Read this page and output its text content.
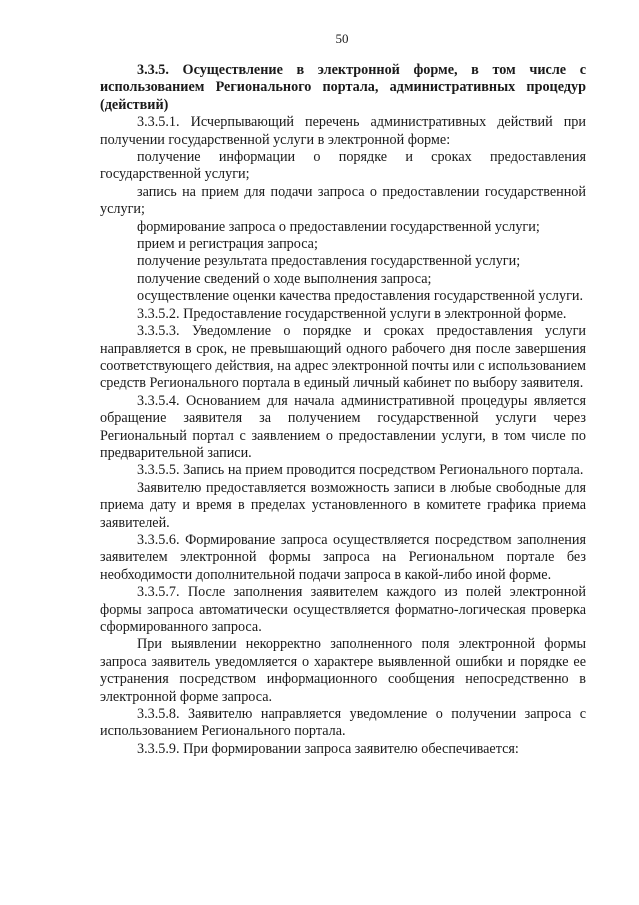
50

3.3.5. Осуществление в электронной форме, в том числе с использованием Регионального портала, административных процедур (действий)

3.3.5.1. Исчерпывающий перечень административных действий при получении государственной услуги в электронной форме:

получение информации о порядке и сроках предоставления государственной услуги;

запись на прием для подачи запроса о предоставлении государственной услуги;

формирование запроса о предоставлении государственной услуги;

прием и регистрация запроса;

получение результата предоставления государственной услуги;

получение сведений о ходе выполнения запроса;

осуществление оценки качества предоставления государственной услуги.

3.3.5.2. Предоставление государственной услуги в электронной форме.

3.3.5.3. Уведомление о порядке и сроках предоставления услуги направляется в срок, не превышающий одного рабочего дня после завершения соответствующего действия, на адрес электронной почты или с использованием средств Регионального портала в единый личный кабинет по выбору заявителя.

3.3.5.4. Основанием для начала административной процедуры является обращение заявителя за получением государственной услуги через Региональный портал с заявлением о предоставлении услуги, в том числе по предварительной записи.

3.3.5.5. Запись на прием проводится посредством Регионального портала.

Заявителю предоставляется возможность записи в любые свободные для приема дату и время в пределах установленного в комитете графика приема заявителей.

3.3.5.6. Формирование запроса осуществляется посредством заполнения заявителем электронной формы запроса на Региональном портале без необходимости дополнительной подачи запроса в какой-либо иной форме.

3.3.5.7. После заполнения заявителем каждого из полей электронной формы запроса автоматически осуществляется форматно-логическая проверка сформированного запроса.

При выявлении некорректно заполненного поля электронной формы запроса заявитель уведомляется о характере выявленной ошибки и порядке ее устранения посредством информационного сообщения непосредственно в электронной форме запроса.

3.3.5.8. Заявителю направляется уведомление о получении запроса с использованием Регионального портала.

3.3.5.9. При формировании запроса заявителю обеспечивается:
